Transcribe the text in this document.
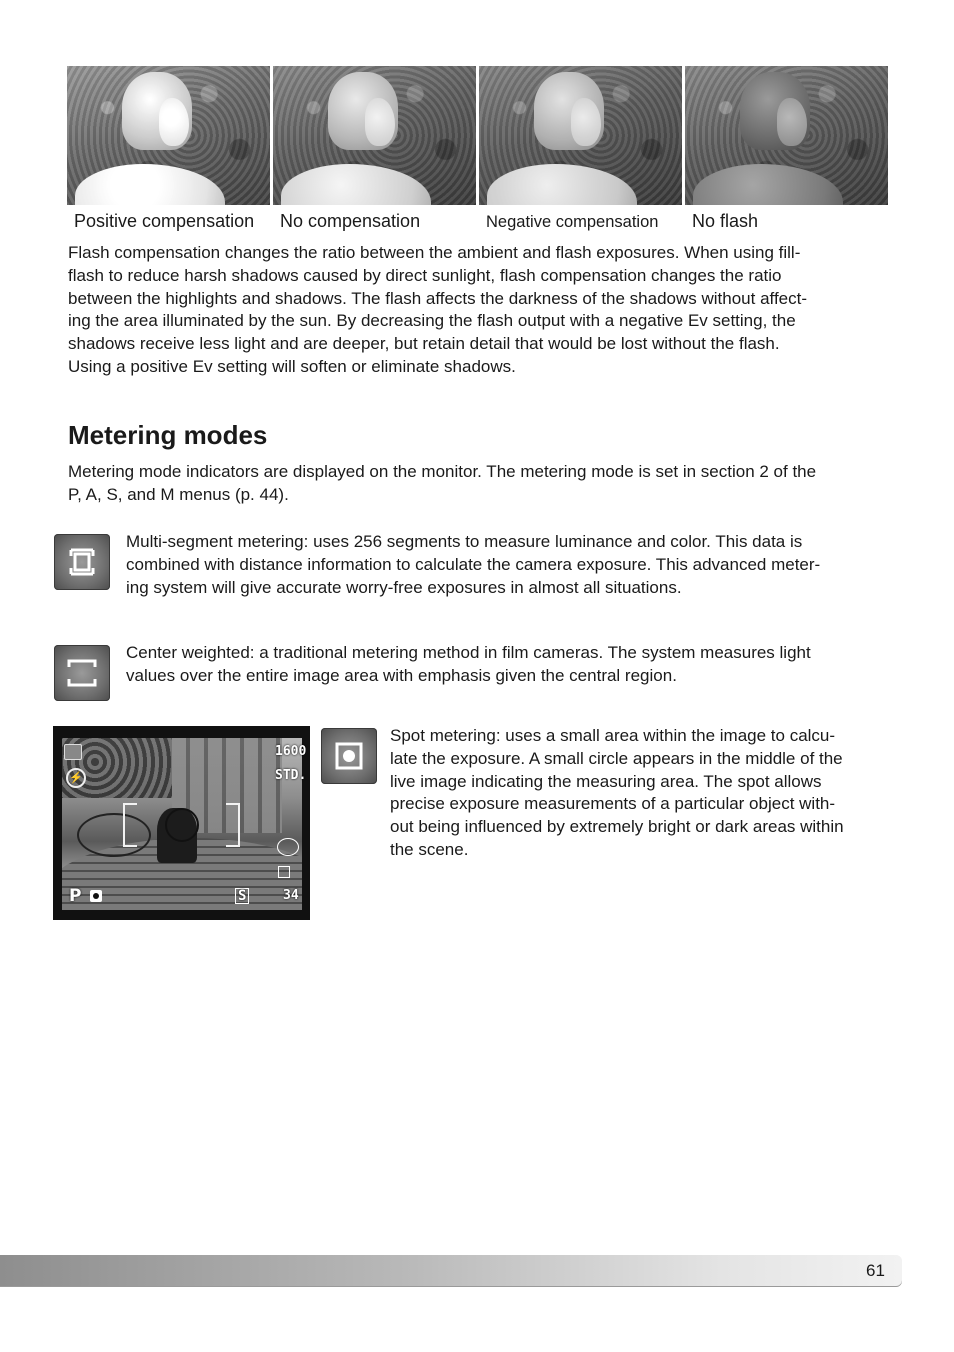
Positive compensation No compensation	Negative compensation No flash
Flash compensation changes the ratio between the ambient and flash exposures. When using fill-
flash to reduce harsh shadows caused by direct sunlight, flash compensation changes the ratio
between the highlights and shadows. The flash affects the darkness of the shadows without affect-
ing the area illuminated by the sun. By decreasing the flash output with a negative Ev setting, the
shadows receive less light and are deeper, but retain detail that would be lost without the flash.
Using a positive Ev setting will soften or eliminate shadows.
Metering modes
Metering mode indicators are displayed on the monitor. The metering mode is set in section 2 of the
P, A, S, and M menus (p. 44).
Multi-segment metering: uses 256 segments to measure luminance and color. This data is
combined with distance information to calculate the camera exposure. This advanced meter-
ing system will give accurate worry-free exposures in almost all situations.
Center weighted: a traditional metering method in film cameras. The system measures light
values over the entire image area with emphasis given the central region.
⚡
1600
STD.
P	S	34
Spot metering: uses a small area within the image to calcu-
late the exposure. A small circle appears in the middle of the
live image indicating the measuring area. The spot allows
precise exposure measurements of a particular object with-
out being influenced by extremely bright or dark areas within
the scene.
61
